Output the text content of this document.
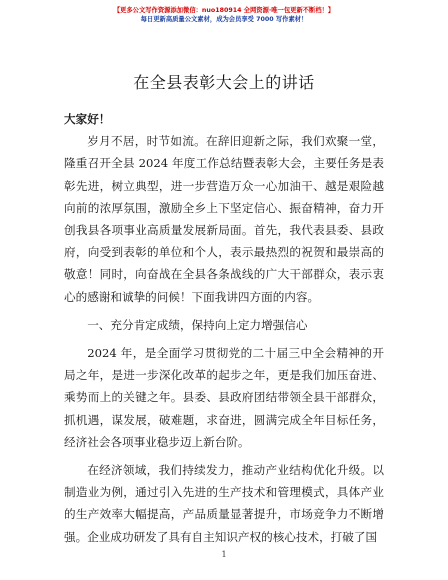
【更多公文写作资源添加微信：nuo180914 全网资源·唯一包更新不断档！】
每日更新高质量公文素材，成为会员享受 7000 写作素材！
在全县表彰大会上的讲话

大家好！

岁月不居，时节如流。在辞旧迎新之际，我们欢聚一堂，隆重召开全县 2024 年度工作总结暨表彰大会，主要任务是表彰先进，树立典型，进一步营造万众一心加油干、越是艰险越向前的浓厚氛围，激励全乡上下坚定信心、振奋精神，奋力开创我县各项事业高质量发展新局面。首先，我代表县委、县政府，向受到表彰的单位和个人，表示最热烈的祝贺和最崇高的敬意！同时，向奋战在全县各条战线的广大干部群众，表示衷心的感谢和诚挚的问候！下面我讲四方面的内容。

一、充分肯定成绩，保持向上定力增强信心

2024 年，是全面学习贯彻党的二十届三中全会精神的开局之年，是进一步深化改革的起步之年，更是我们加压奋进、乘势而上的关键之年。县委、县政府团结带领全县干部群众，抓机遇，谋发展，破难题，求奋进，圆满完成全年目标任务，经济社会各项事业稳步迈上新台阶。

在经济领域，我们持续发力，推动产业结构优化升级。以制造业为例，通过引入先进的生产技术和管理模式，具体产业的生产效率大幅提高，产品质量显著提升，市场竞争力不断增强。企业成功研发了具有自主知识产权的核心技术，打破了国

1
